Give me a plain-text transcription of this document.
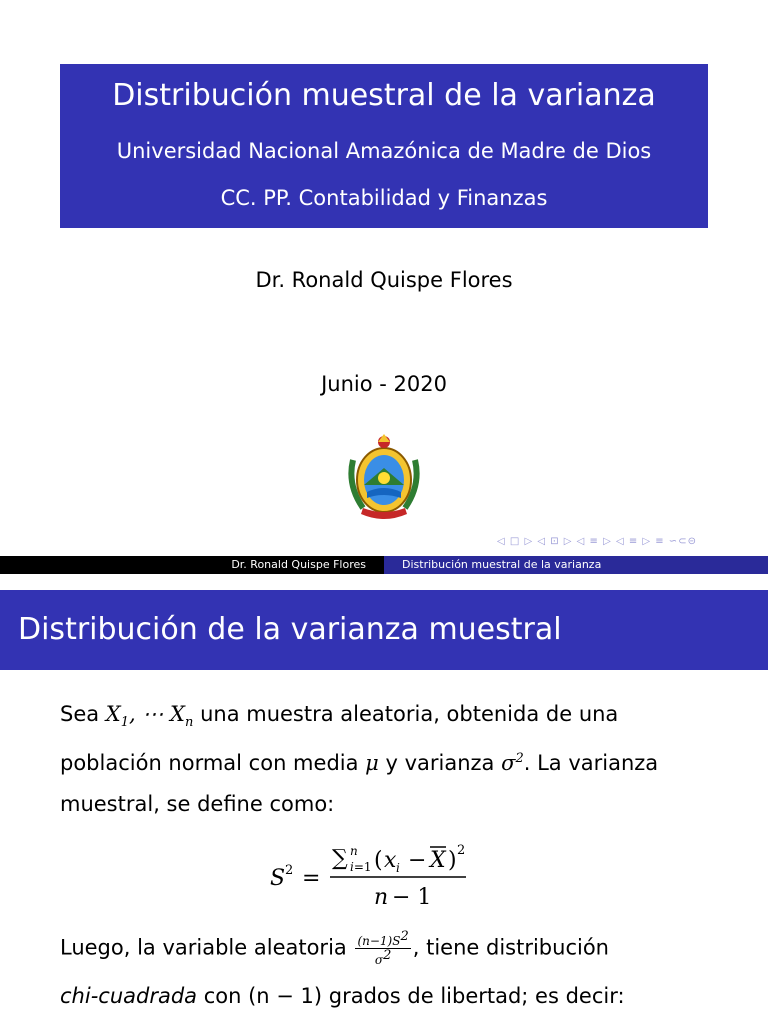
Distribución muestral de la varianza
Universidad Nacional Amazónica de Madre de Dios
CC. PP. Contabilidad y Finanzas
Dr. Ronald Quispe Flores
Junio - 2020
◁ □ ▷ ◁ ⊡ ▷ ◁ ≡ ▷ ◁ ≡ ▷ ≡ ∽⊂⊝
Dr. Ronald Quispe Flores	Distribución muestral de la varianza
Distribución de la varianza muestral
Sea $X_1$, ⋯ $X_n$ una muestra aleatoria, obtenida de una
población normal con media μ y varianza $\sigma^2$. La varianza
muestral, se define como:
S 2 =
∑ n
i=1 ( x i − X ) 2
n − 1
Luego, la variable aleatoria $\frac{(n-1)S^2}{\sigma^2}$ , tiene distribución
chi-cuadrada con (n − 1) grados de libertad; es decir:
